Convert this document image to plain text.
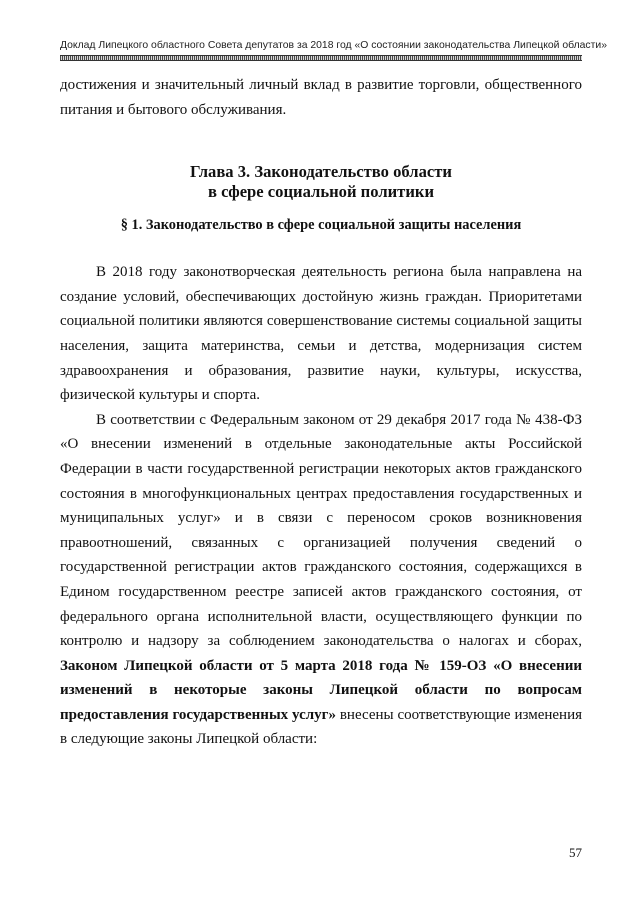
Доклад Липецкого областного Совета депутатов за 2018 год «О состоянии законодательства Липецкой области»

достижения и значительный личный вклад в развитие торговли, общественного питания и бытового обслуживания.

Глава 3. Законодательство области
в сфере социальной политики
§ 1. Законодательство в сфере социальной защиты населения

В 2018 году законотворческая деятельность региона была направлена на создание условий, обеспечивающих достойную жизнь граждан. Приоритетами социальной политики являются совершенствование системы социальной защиты населения, защита материнства, семьи и детства, модернизация систем здравоохранения и образования, развитие науки, культуры, искусства, физической культуры и спорта.

В соответствии с Федеральным законом от 29 декабря 2017 года № 438-ФЗ «О внесении изменений в отдельные законодательные акты Российской Федерации в части государственной регистрации некоторых актов гражданского состояния в многофункциональных центрах предоставления государственных и муниципальных услуг» и в связи с переносом сроков возникновения правоотношений, связанных с организацией получения сведений о государственной регистрации актов гражданского состояния, содержащихся в Едином государственном реестре записей актов гражданского состояния, от федерального органа исполнительной власти, осуществляющего функции по контролю и надзору за соблюдением законодательства о налогах и сборах, Законом Липецкой области от 5 марта 2018 года № 159-ОЗ «О внесении изменений в некоторые законы Липецкой области по вопросам предоставления государственных услуг» внесены соответствующие изменения в следующие законы Липецкой области:

57
